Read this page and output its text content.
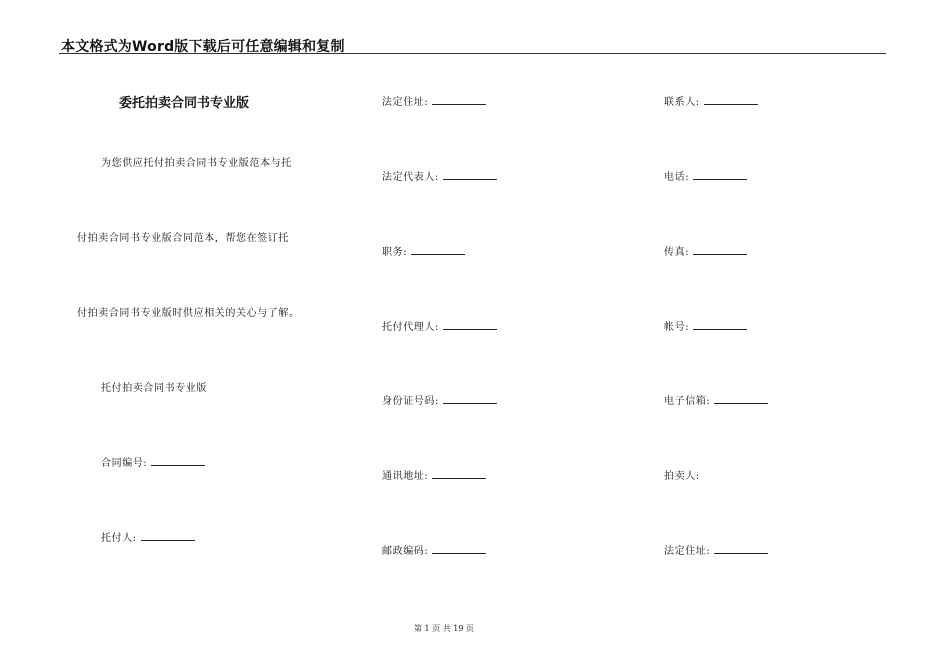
本文格式为Word版下载后可任意编辑和复制
委托拍卖合同书专业版
为您供应托付拍卖合同书专业版范本与托
付拍卖合同书专业版合同范本，帮您在签订托
付拍卖合同书专业版时供应相关的关心与了解。
托付拍卖合同书专业版
合同编号:
托付人:
法定住址:
法定代表人:
职务:
托付代理人:
身份证号码:
通讯地址:
邮政编码:
联系人:
电话:
传真:
帐号:
电子信箱:
拍卖人:
法定住址:
第 1 页 共 19 页
